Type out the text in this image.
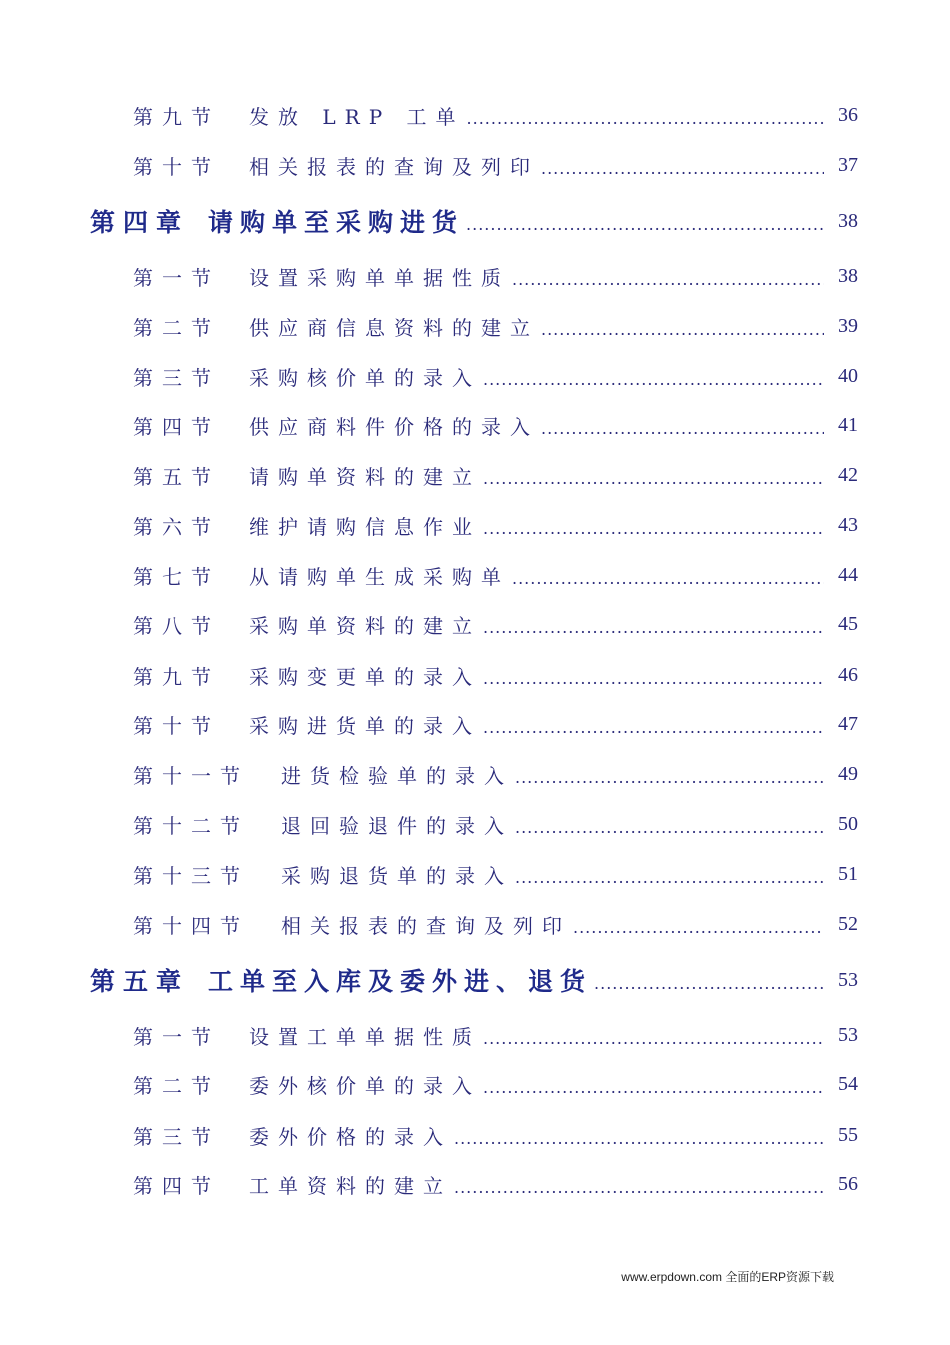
第九节	发放 LRP 工单 .....	36
第十节	相关报表的查询及列印 .....	37
第四章 请购单至采购进货 .....	38
第一节	设置采购单单据性质 .....	38
第二节	供应商信息资料的建立 .....	39
第三节	采购核价单的录入 .....	40
第四节	供应商料件价格的录入 .....	41
第五节	请购单资料的建立 .....	42
第六节	维护请购信息作业 .....	43
第七节	从请购单生成采购单 .....	44
第八节	采购单资料的建立 .....	45
第九节	采购变更单的录入 .....	46
第十节	采购进货单的录入 .....	47
第十一节	进货检验单的录入 .....	49
第十二节	退回验退件的录入 .....	50
第十三节	采购退货单的录入 .....	51
第十四节	相关报表的查询及列印 .....	52
第五章 工单至入库及委外进、退货 .....	53
第一节	设置工单单据性质 .....	53
第二节	委外核价单的录入 .....	54
第三节	委外价格的录入 .....	55
第四节	工单资料的建立 .....	56
www.erpdown.com 全面的ERP资源下载
